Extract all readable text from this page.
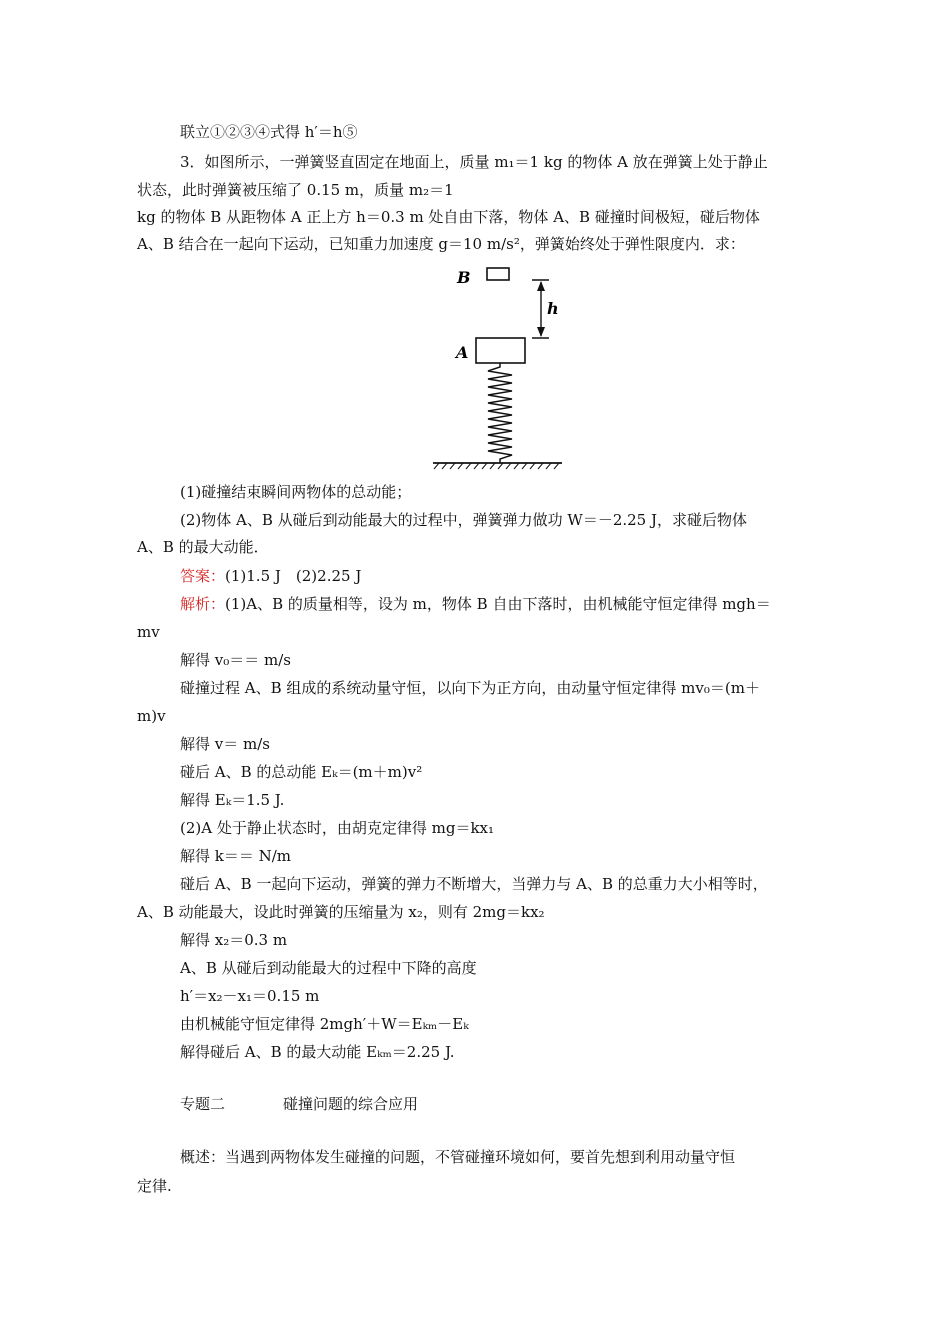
联立①②③④式得 h′＝h⑤
3．如图所示，一弹簧竖直固定在地面上，质量 m₁＝1 kg 的物体 A 放在弹簧上处于静止
状态，此时弹簧被压缩了 0.15 m，质量 m₂＝1
kg 的物体 B 从距物体 A 正上方 h＝0.3 m 处自由下落，物体 A、B 碰撞时间极短，碰后物体
A、B 结合在一起向下运动，已知重力加速度 g＝10 m/s²，弹簧始终处于弹性限度内．求：
B
h
A
(1)碰撞结束瞬间两物体的总动能；
(2)物体 A、B 从碰后到动能最大的过程中，弹簧弹力做功 W＝－2.25 J，求碰后物体
A、B 的最大动能．
答案：(1)1.5 J　(2)2.25 J
解析：(1)A、B 的质量相等，设为 m，物体 B 自由下落时，由机械能守恒定律得 mgh＝
mv
解得 v₀＝＝ m/s
碰撞过程 A、B 组成的系统动量守恒，以向下为正方向，由动量守恒定律得 mv₀＝(m＋
m)v
解得 v＝ m/s
碰后 A、B 的总动能 Eₖ＝(m＋m)v²
解得 Eₖ＝1.5 J.
(2)A 处于静止状态时，由胡克定律得 mg＝kx₁
解得 k＝＝ N/m
碰后 A、B 一起向下运动，弹簧的弹力不断增大，当弹力与 A、B 的总重力大小相等时，
A、B 动能最大，设此时弹簧的压缩量为 x₂，则有 2mg＝kx₂
解得 x₂＝0.3 m
A、B 从碰后到动能最大的过程中下降的高度
h′＝x₂－x₁＝0.15 m
由机械能守恒定律得 2mgh′＋W＝Eₖₘ－Eₖ
解得碰后 A、B 的最大动能 Eₖₘ＝2.25 J.
专题二	碰撞问题的综合应用
概述：当遇到两物体发生碰撞的问题，不管碰撞环境如何，要首先想到利用动量守恒
定律.
